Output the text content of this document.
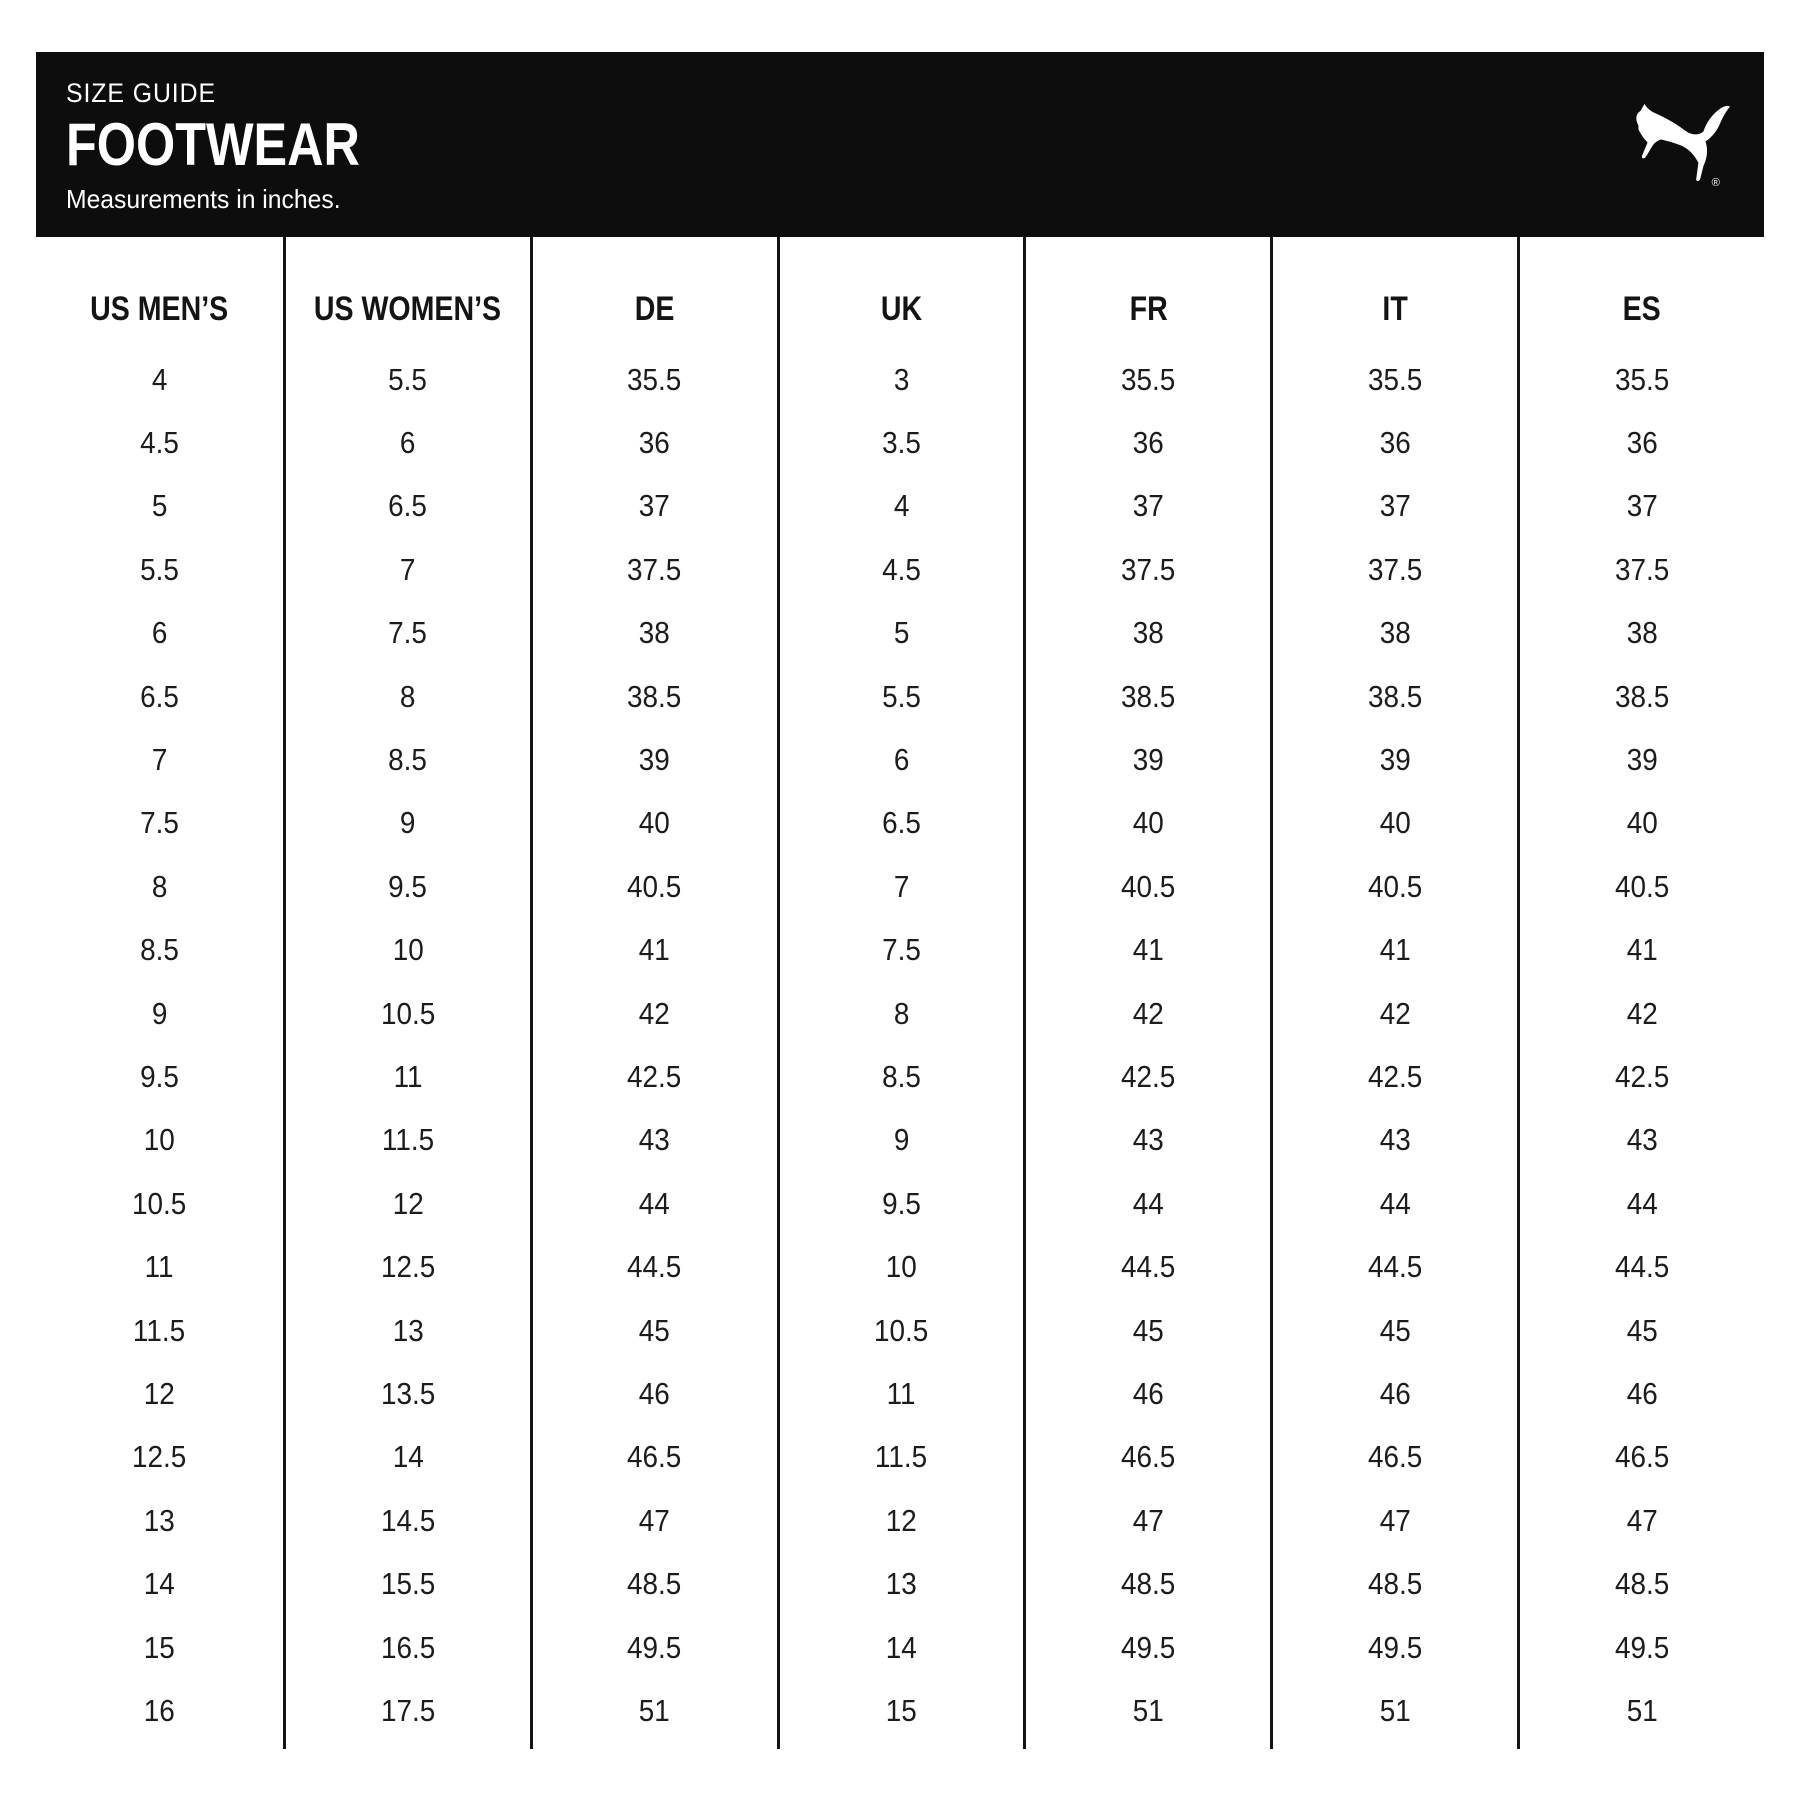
SIZE GUIDE
FOOTWEAR
Measurements in inches.
®
US MEN’S
4
4.5
5
5.5
6
6.5
7
7.5
8
8.5
9
9.5
10
10.5
11
11.5
12
12.5
13
14
15
16
US WOMEN’S
5.5
6
6.5
7
7.5
8
8.5
9
9.5
10
10.5
11
11.5
12
12.5
13
13.5
14
14.5
15.5
16.5
17.5
DE
35.5
36
37
37.5
38
38.5
39
40
40.5
41
42
42.5
43
44
44.5
45
46
46.5
47
48.5
49.5
51
UK
3
3.5
4
4.5
5
5.5
6
6.5
7
7.5
8
8.5
9
9.5
10
10.5
11
11.5
12
13
14
15
FR
35.5
36
37
37.5
38
38.5
39
40
40.5
41
42
42.5
43
44
44.5
45
46
46.5
47
48.5
49.5
51
IT
35.5
36
37
37.5
38
38.5
39
40
40.5
41
42
42.5
43
44
44.5
45
46
46.5
47
48.5
49.5
51
ES
35.5
36
37
37.5
38
38.5
39
40
40.5
41
42
42.5
43
44
44.5
45
46
46.5
47
48.5
49.5
51
